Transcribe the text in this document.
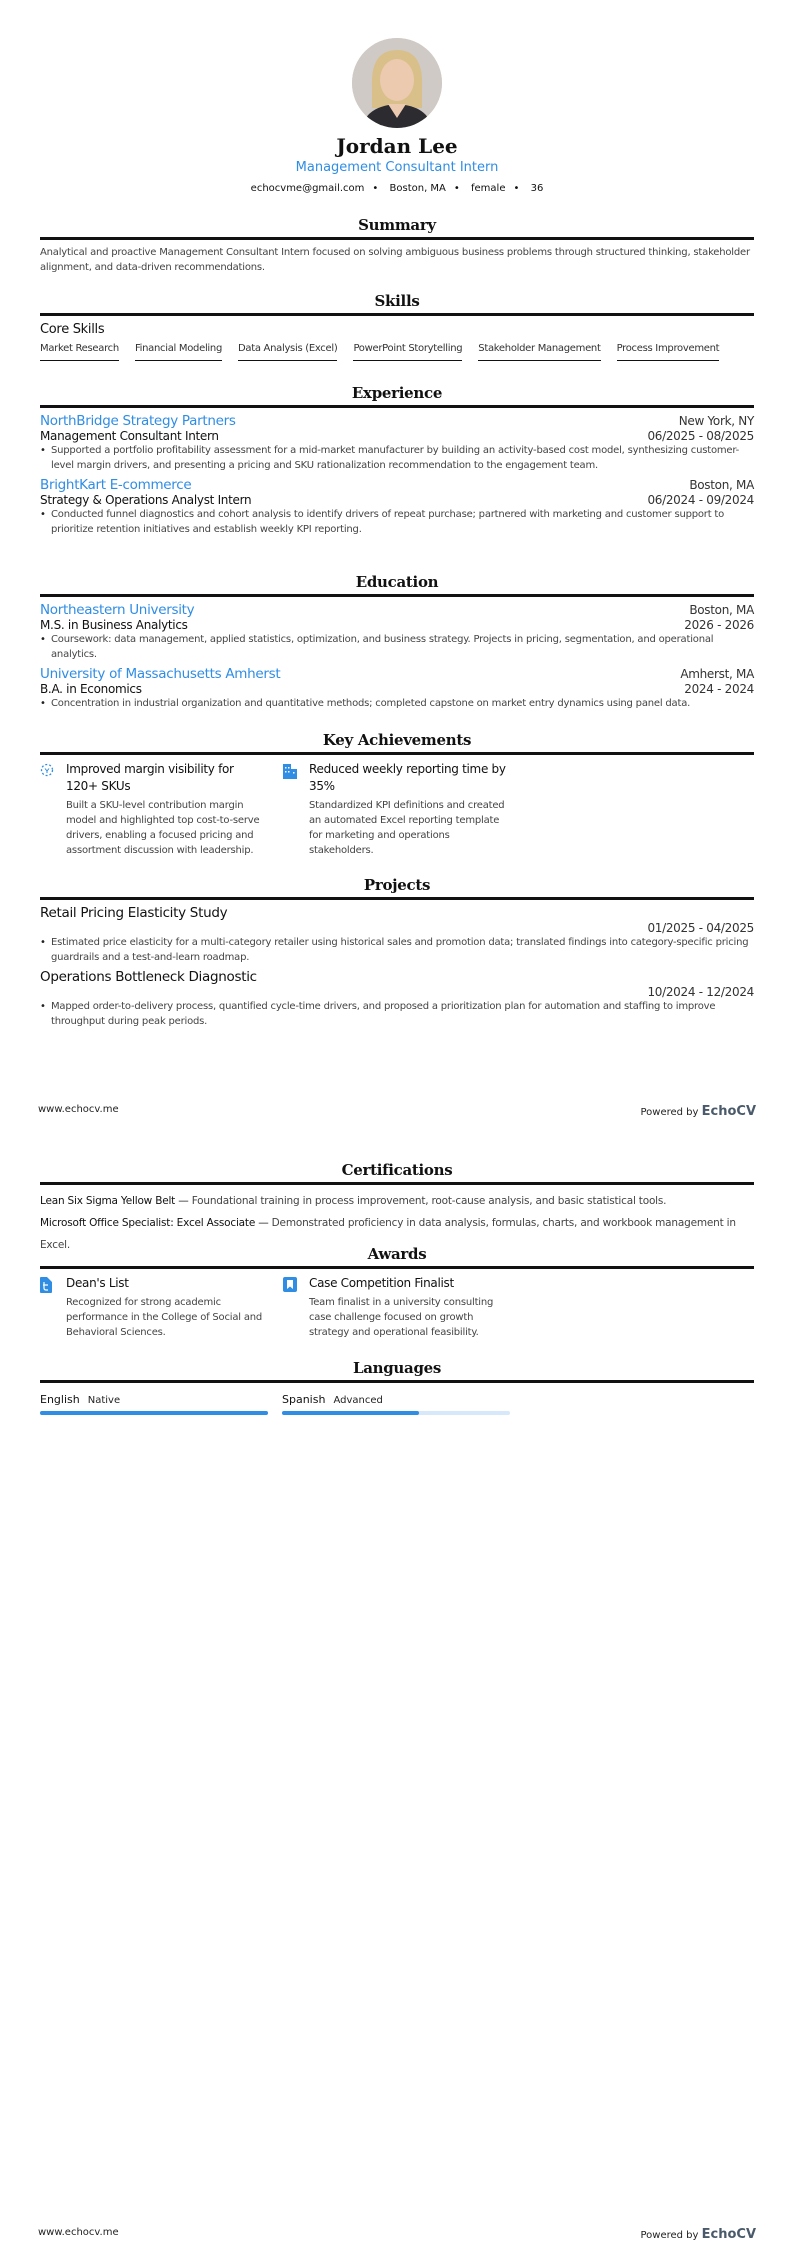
Jordan Lee
Management Consultant Intern
echocvme@gmail.com • Boston, MA • female • 36
Summary
Analytical and proactive Management Consultant Intern focused on solving ambiguous business problems through structured thinking, stakeholder alignment, and data-driven recommendations.
Skills
Core Skills
Market Research Financial Modeling Data Analysis (Excel) PowerPoint Storytelling Stakeholder Management Process Improvement
Experience
NorthBridge Strategy Partners	New York, NY
Management Consultant Intern	06/2025 - 08/2025
• Supported a portfolio profitability assessment for a mid-market manufacturer by building an activity-based cost model, synthesizing customer-level margin drivers, and presenting a pricing and SKU rationalization recommendation to the engagement team.
BrightKart E-commerce	Boston, MA
Strategy & Operations Analyst Intern	06/2024 - 09/2024
• Conducted funnel diagnostics and cohort analysis to identify drivers of repeat purchase; partnered with marketing and customer support to prioritize retention initiatives and establish weekly KPI reporting.
Education
Northeastern University	Boston, MA
M.S. in Business Analytics	2026 - 2026
• Coursework: data management, applied statistics, optimization, and business strategy. Projects in pricing, segmentation, and operational analytics.
University of Massachusetts Amherst	Amherst, MA
B.A. in Economics	2024 - 2024
• Concentration in industrial organization and quantitative methods; completed capstone on market entry dynamics using panel data.
Key Achievements
Improved margin visibility for 120+ SKUs
Built a SKU-level contribution margin model and highlighted top cost-to-serve drivers, enabling a focused pricing and assortment discussion with leadership.
Reduced weekly reporting time by 35%
Standardized KPI definitions and created an automated Excel reporting template for marketing and operations stakeholders.
Projects
Retail Pricing Elasticity Study
01/2025 - 04/2025
• Estimated price elasticity for a multi-category retailer using historical sales and promotion data; translated findings into category-specific pricing guardrails and a test-and-learn roadmap.
Operations Bottleneck Diagnostic
10/2024 - 12/2024
• Mapped order-to-delivery process, quantified cycle-time drivers, and proposed a prioritization plan for automation and staffing to improve throughput during peak periods.
www.echocv.me	Powered by EchoCV
Certifications
Lean Six Sigma Yellow Belt — Foundational training in process improvement, root-cause analysis, and basic statistical tools.
Microsoft Office Specialist: Excel Associate — Demonstrated proficiency in data analysis, formulas, charts, and workbook management in Excel.	Awards
Dean's List
Recognized for strong academic performance in the College of Social and Behavioral Sciences.
Case Competition Finalist
Team finalist in a university consulting case challenge focused on growth strategy and operational feasibility.
Languages
English Native	Spanish Advanced
www.echocv.me	Powered by EchoCV
